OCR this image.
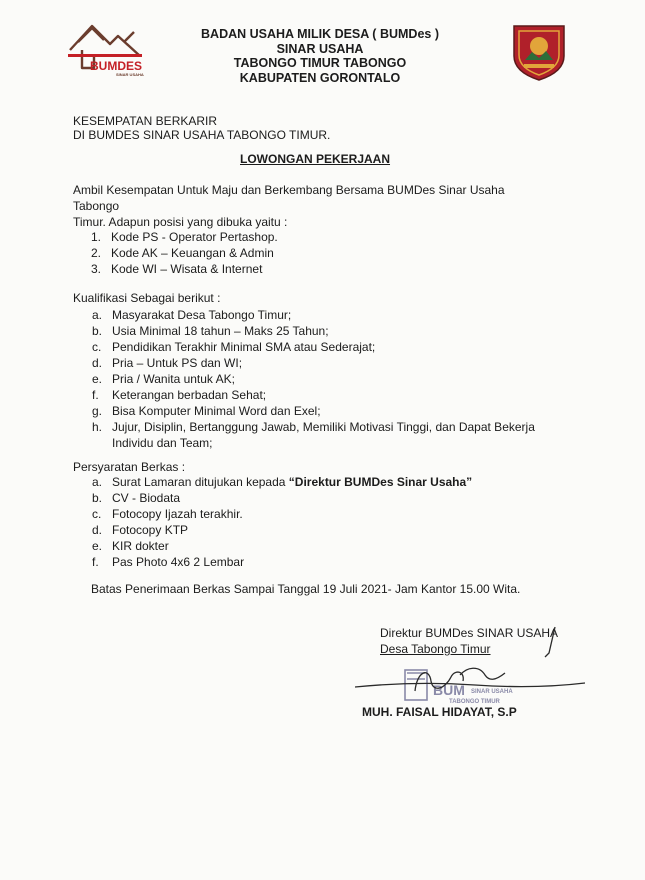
BUMDES
SINAR USAHA
BADAN USAHA MILIK DESA ( BUMDes )
SINAR USAHA
TABONGO TIMUR TABONGO
KABUPATEN GORONTALO
KESEMPATAN BERKARIR
DI BUMDES SINAR USAHA TABONGO TIMUR.
LOWONGAN PEKERJAAN
Ambil Kesempatan Untuk Maju dan Berkembang Bersama BUMDes Sinar Usaha Tabongo
Timur. Adapun posisi yang dibuka yaitu :
1. Kode PS - Operator Pertashop.
2. Kode AK – Keuangan & Admin
3. Kode WI – Wisata & Internet
Kualifikasi Sebagai berikut :
a. Masyarakat Desa Tabongo Timur;
b. Usia Minimal 18 tahun – Maks 25 Tahun;
c. Pendidikan Terakhir Minimal SMA atau Sederajat;
d. Pria – Untuk PS dan WI;
e. Pria / Wanita untuk AK;
f.	Keterangan berbadan Sehat;
g. Bisa Komputer Minimal Word dan Exel;
h. Jujur, Disiplin, Bertanggung Jawab, Memiliki Motivasi Tinggi, dan Dapat Bekerja Individu dan Team;
Persyaratan Berkas :
a. Surat Lamaran ditujukan kepada “Direktur BUMDes Sinar Usaha”
b. CV - Biodata
c. Fotocopy Ijazah terakhir.
d. Fotocopy KTP
e. KIR dokter
f.	Pas Photo 4x6 2 Lembar
Batas Penerimaan Berkas Sampai Tanggal 19 Juli 2021- Jam Kantor 15.00 Wita.
Direktur BUMDes SINAR USAHA
Desa Tabongo Timur
BUM SINAR USAHA
TABONGO TIMUR
MUH. FAISAL HIDAYAT, S.P
